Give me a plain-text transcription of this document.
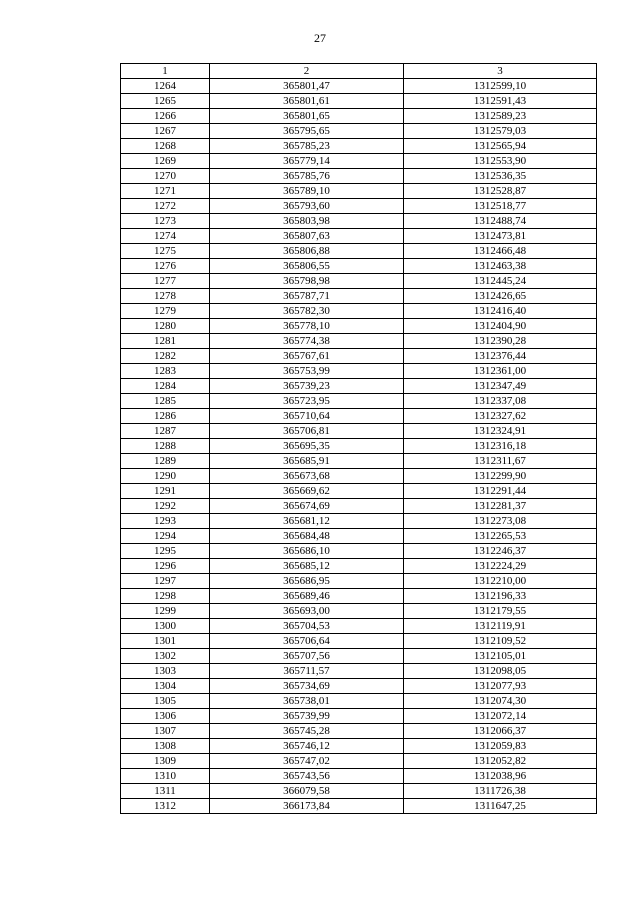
27
1	2	3
1264	365801,47	1312599,10
1265	365801,61	1312591,43
1266	365801,65	1312589,23
1267	365795,65	1312579,03
1268	365785,23	1312565,94
1269	365779,14	1312553,90
1270	365785,76	1312536,35
1271	365789,10	1312528,87
1272	365793,60	1312518,77
1273	365803,98	1312488,74
1274	365807,63	1312473,81
1275	365806,88	1312466,48
1276	365806,55	1312463,38
1277	365798,98	1312445,24
1278	365787,71	1312426,65
1279	365782,30	1312416,40
1280	365778,10	1312404,90
1281	365774,38	1312390,28
1282	365767,61	1312376,44
1283	365753,99	1312361,00
1284	365739,23	1312347,49
1285	365723,95	1312337,08
1286	365710,64	1312327,62
1287	365706,81	1312324,91
1288	365695,35	1312316,18
1289	365685,91	1312311,67
1290	365673,68	1312299,90
1291	365669,62	1312291,44
1292	365674,69	1312281,37
1293	365681,12	1312273,08
1294	365684,48	1312265,53
1295	365686,10	1312246,37
1296	365685,12	1312224,29
1297	365686,95	1312210,00
1298	365689,46	1312196,33
1299	365693,00	1312179,55
1300	365704,53	1312119,91
1301	365706,64	1312109,52
1302	365707,56	1312105,01
1303	365711,57	1312098,05
1304	365734,69	1312077,93
1305	365738,01	1312074,30
1306	365739,99	1312072,14
1307	365745,28	1312066,37
1308	365746,12	1312059,83
1309	365747,02	1312052,82
1310	365743,56	1312038,96
1311	366079,58	1311726,38
1312	366173,84	1311647,25
